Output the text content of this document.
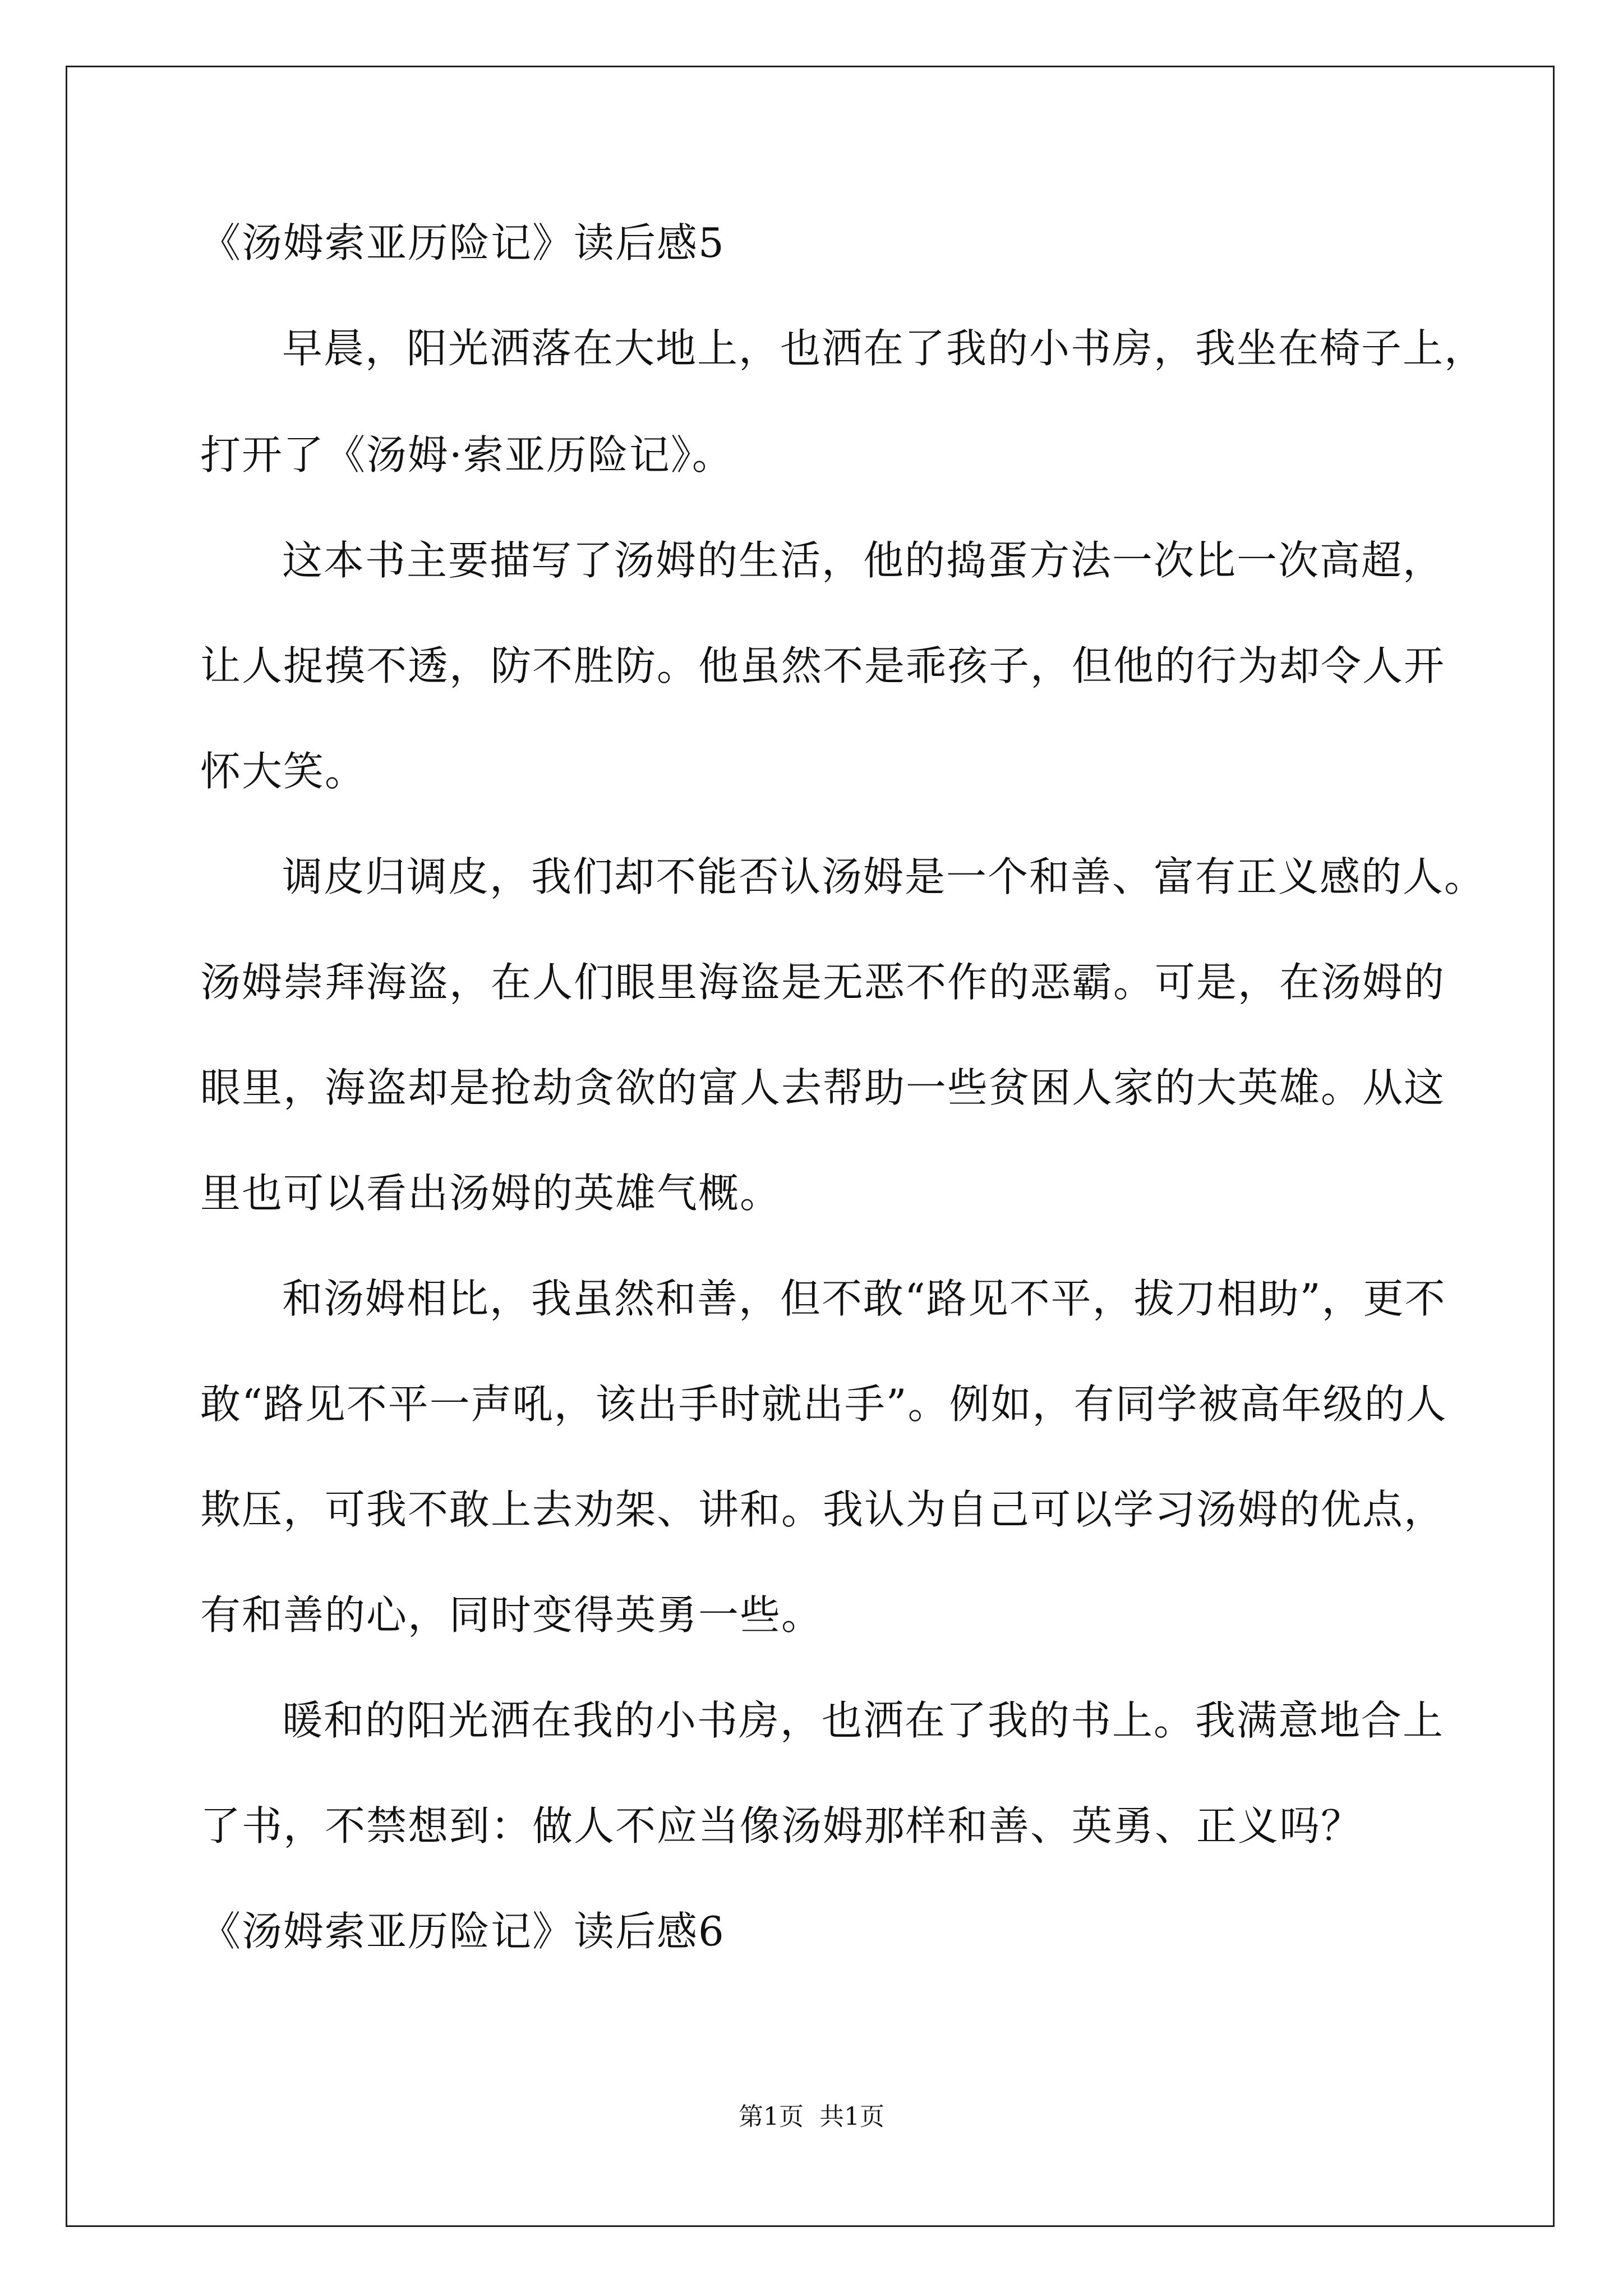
《汤姆索亚历险记》读后感5
早晨，阳光洒落在大地上，也洒在了我的小书房，我坐在椅子上，
打开了《汤姆·索亚历险记》。
这本书主要描写了汤姆的生活，他的捣蛋方法一次比一次高超，
让人捉摸不透，防不胜防。他虽然不是乖孩子，但他的行为却令人开
怀大笑。
调皮归调皮，我们却不能否认汤姆是一个和善、富有正义感的人。
汤姆崇拜海盗，在人们眼里海盗是无恶不作的恶霸。可是，在汤姆的
眼里，海盗却是抢劫贪欲的富人去帮助一些贫困人家的大英雄。从这
里也可以看出汤姆的英雄气概。
和汤姆相比，我虽然和善，但不敢“路见不平，拔刀相助”，更不
敢“路见不平一声吼，该出手时就出手”。例如，有同学被高年级的人
欺压，可我不敢上去劝架、讲和。我认为自己可以学习汤姆的优点，
有和善的心，同时变得英勇一些。
暖和的阳光洒在我的小书房，也洒在了我的书上。我满意地合上
了书，不禁想到：做人不应当像汤姆那样和善、英勇、正义吗？
《汤姆索亚历险记》读后感6
第1页 共1页
